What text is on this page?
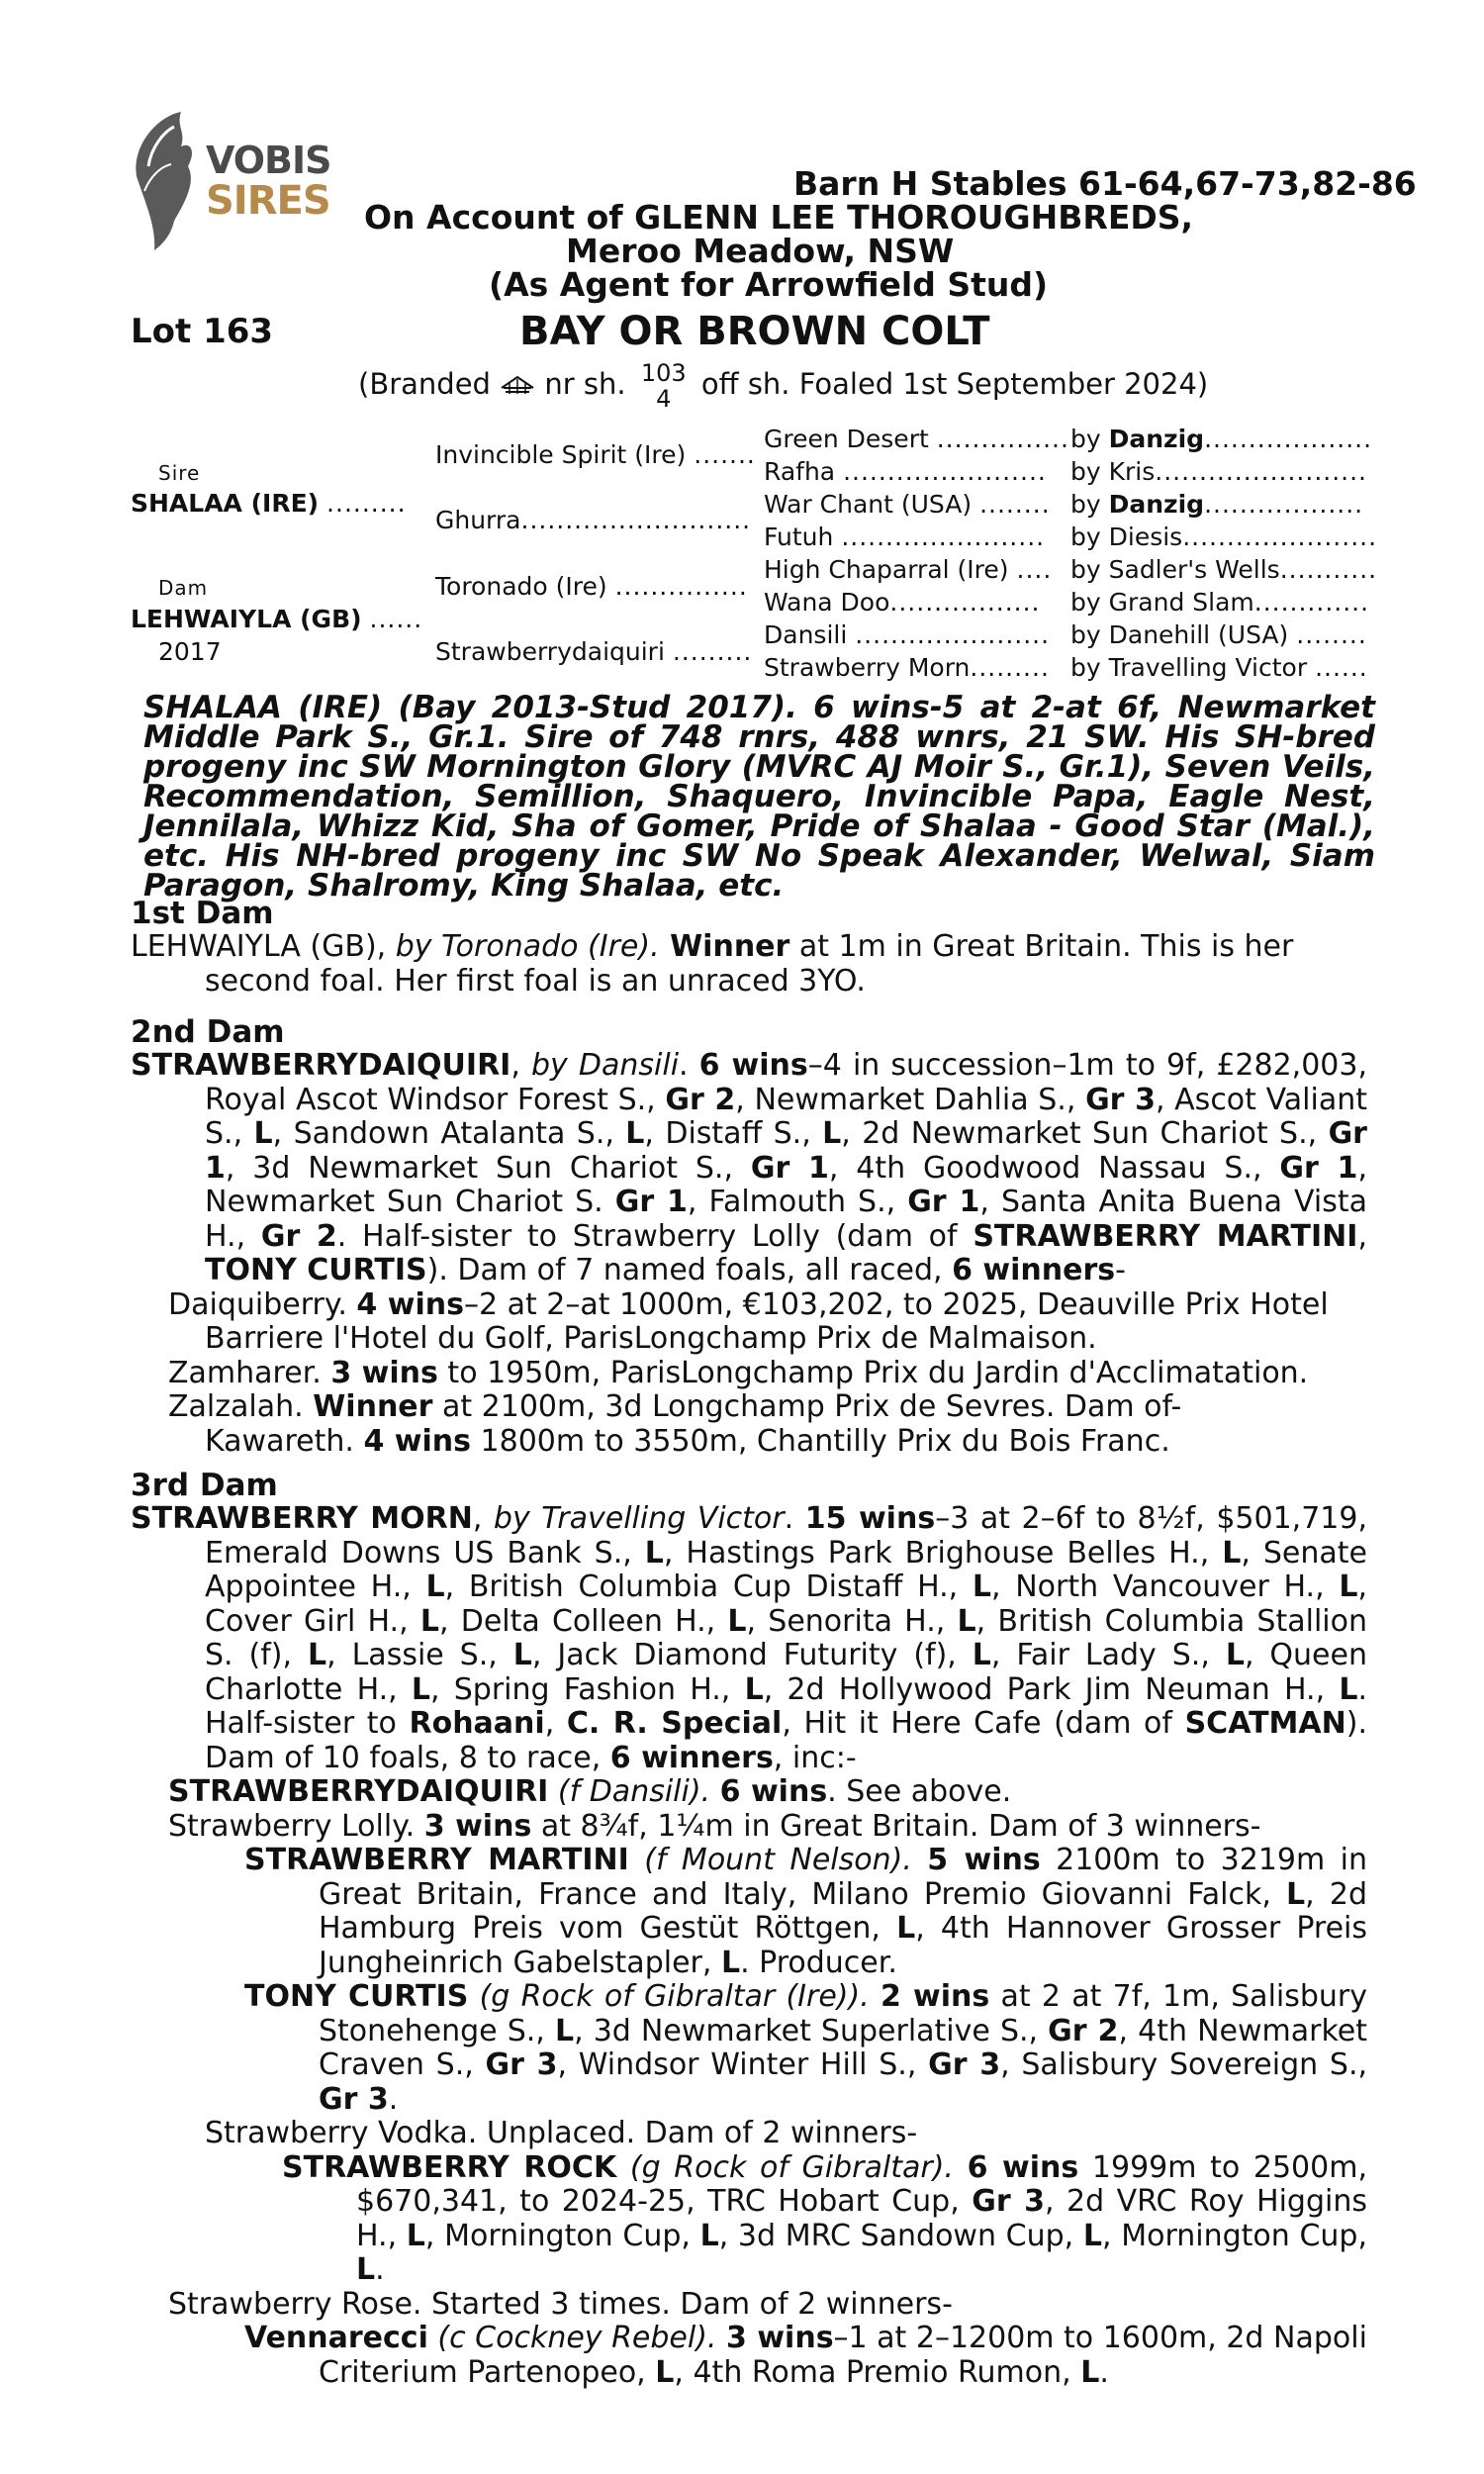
VOBIS
SIRES	Barn H Stables 61-64,67-73,82-86
On Account of GLENN LEE THOROUGHBREDS,
Meroo Meadow, NSW
(As Agent for Arrowfield Stud)
Lot 163	BAY OR BROWN COLT
(Branded nr sh. 103
4 off sh. Foaled 1st September 2024)
Sire
SHALAA (IRE) .........
Dam
LEHWAIYLA (GB) ......
2017
Invincible Spirit (Ire) .......
Ghurra..........................
Toronado (Ire) ...............
Strawberrydaiquiri .........
Green Desert ...............
Rafha .......................
War Chant (USA) ........
Futuh .......................
High Chaparral (Ire) ....
Wana Doo.................
Dansili ......................
Strawberry Morn.........
by Danzig...................
by Kris........................
by Danzig..................
by Diesis......................
by Sadler's Wells...........
by Grand Slam.............
by Danehill (USA) ........
by Travelling Victor ......
SHALAA (IRE) (Bay 2013-Stud 2017). 6 wins-5 at 2-at 6f, Newmarket Middle Park S., Gr.1. Sire of 748 rnrs, 488 wnrs, 21 SW. His SH-bred progeny inc SW Mornington Glory (MVRC AJ Moir S., Gr.1), Seven Veils, Recommendation, Semillion, Shaquero, Invincible Papa, Eagle Nest, Jennilala, Whizz Kid, Sha of Gomer, Pride of Shalaa - Good Star (Mal.), etc. His NH-bred progeny inc SW No Speak Alexander, Welwal, Siam Paragon, Shalromy, King Shalaa, etc.
1st Dam

LEHWAIYLA (GB), by Toronado (Ire). Winner at 1m in Great Britain. This is her second foal. Her first foal is an unraced 3YO.

2nd Dam

STRAWBERRYDAIQUIRI, by Dansili. 6 wins–4 in succession–1m to 9f, £282,003, Royal Ascot Windsor Forest S., Gr 2, Newmarket Dahlia S., Gr 3, Ascot Valiant S., L, Sandown Atalanta S., L, Distaff S., L, 2d Newmarket Sun Chariot S., Gr 1, 3d Newmarket Sun Chariot S., Gr 1, 4th Goodwood Nassau S., Gr 1, Newmarket Sun Chariot S. Gr 1, Falmouth S., Gr 1, Santa Anita Buena Vista H., Gr 2. Half-sister to Strawberry Lolly (dam of STRAWBERRY MARTINI, TONY CURTIS). Dam of 7 named foals, all raced, 6 winners-

Daiquiberry. 4 wins–2 at 2–at 1000m, €103,202, to 2025, Deauville Prix Hotel Barriere l'Hotel du Golf, ParisLongchamp Prix de Malmaison.

Zamharer. 3 wins to 1950m, ParisLongchamp Prix du Jardin d'Acclimatation.

Zalzalah. Winner at 2100m, 3d Longchamp Prix de Sevres. Dam of-

Kawareth. 4 wins 1800m to 3550m, Chantilly Prix du Bois Franc.

3rd Dam

STRAWBERRY MORN, by Travelling Victor. 15 wins–3 at 2–6f to 8½f, $501,719, Emerald Downs US Bank S., L, Hastings Park Brighouse Belles H., L, Senate Appointee H., L, British Columbia Cup Distaff H., L, North Vancouver H., L, Cover Girl H., L, Delta Colleen H., L, Senorita H., L, British Columbia Stallion S. (f), L, Lassie S., L, Jack Diamond Futurity (f), L, Fair Lady S., L, Queen Charlotte H., L, Spring Fashion H., L, 2d Hollywood Park Jim Neuman H., L. Half-sister to Rohaani, C. R. Special, Hit it Here Cafe (dam of SCATMAN). Dam of 10 foals, 8 to race, 6 winners, inc:-

STRAWBERRYDAIQUIRI (f Dansili). 6 wins. See above.

Strawberry Lolly. 3 wins at 8¾f, 1¼m in Great Britain. Dam of 3 winners-

STRAWBERRY MARTINI (f Mount Nelson). 5 wins 2100m to 3219m in Great Britain, France and Italy, Milano Premio Giovanni Falck, L, 2d Hamburg Preis vom Gestüt Röttgen, L, 4th Hannover Grosser Preis Jungheinrich Gabelstapler, L. Producer.

TONY CURTIS (g Rock of Gibraltar (Ire)). 2 wins at 2 at 7f, 1m, Salisbury Stonehenge S., L, 3d Newmarket Superlative S., Gr 2, 4th Newmarket Craven S., Gr 3, Windsor Winter Hill S., Gr 3, Salisbury Sovereign S., Gr 3.

Strawberry Vodka. Unplaced. Dam of 2 winners-

STRAWBERRY ROCK (g Rock of Gibraltar). 6 wins 1999m to 2500m, $670,341, to 2024-25, TRC Hobart Cup, Gr 3, 2d VRC Roy Higgins H., L, Mornington Cup, L, 3d MRC Sandown Cup, L, Mornington Cup, L.

Strawberry Rose. Started 3 times. Dam of 2 winners-

Vennarecci (c Cockney Rebel). 3 wins–1 at 2–1200m to 1600m, 2d Napoli Criterium Partenopeo, L, 4th Roma Premio Rumon, L.
